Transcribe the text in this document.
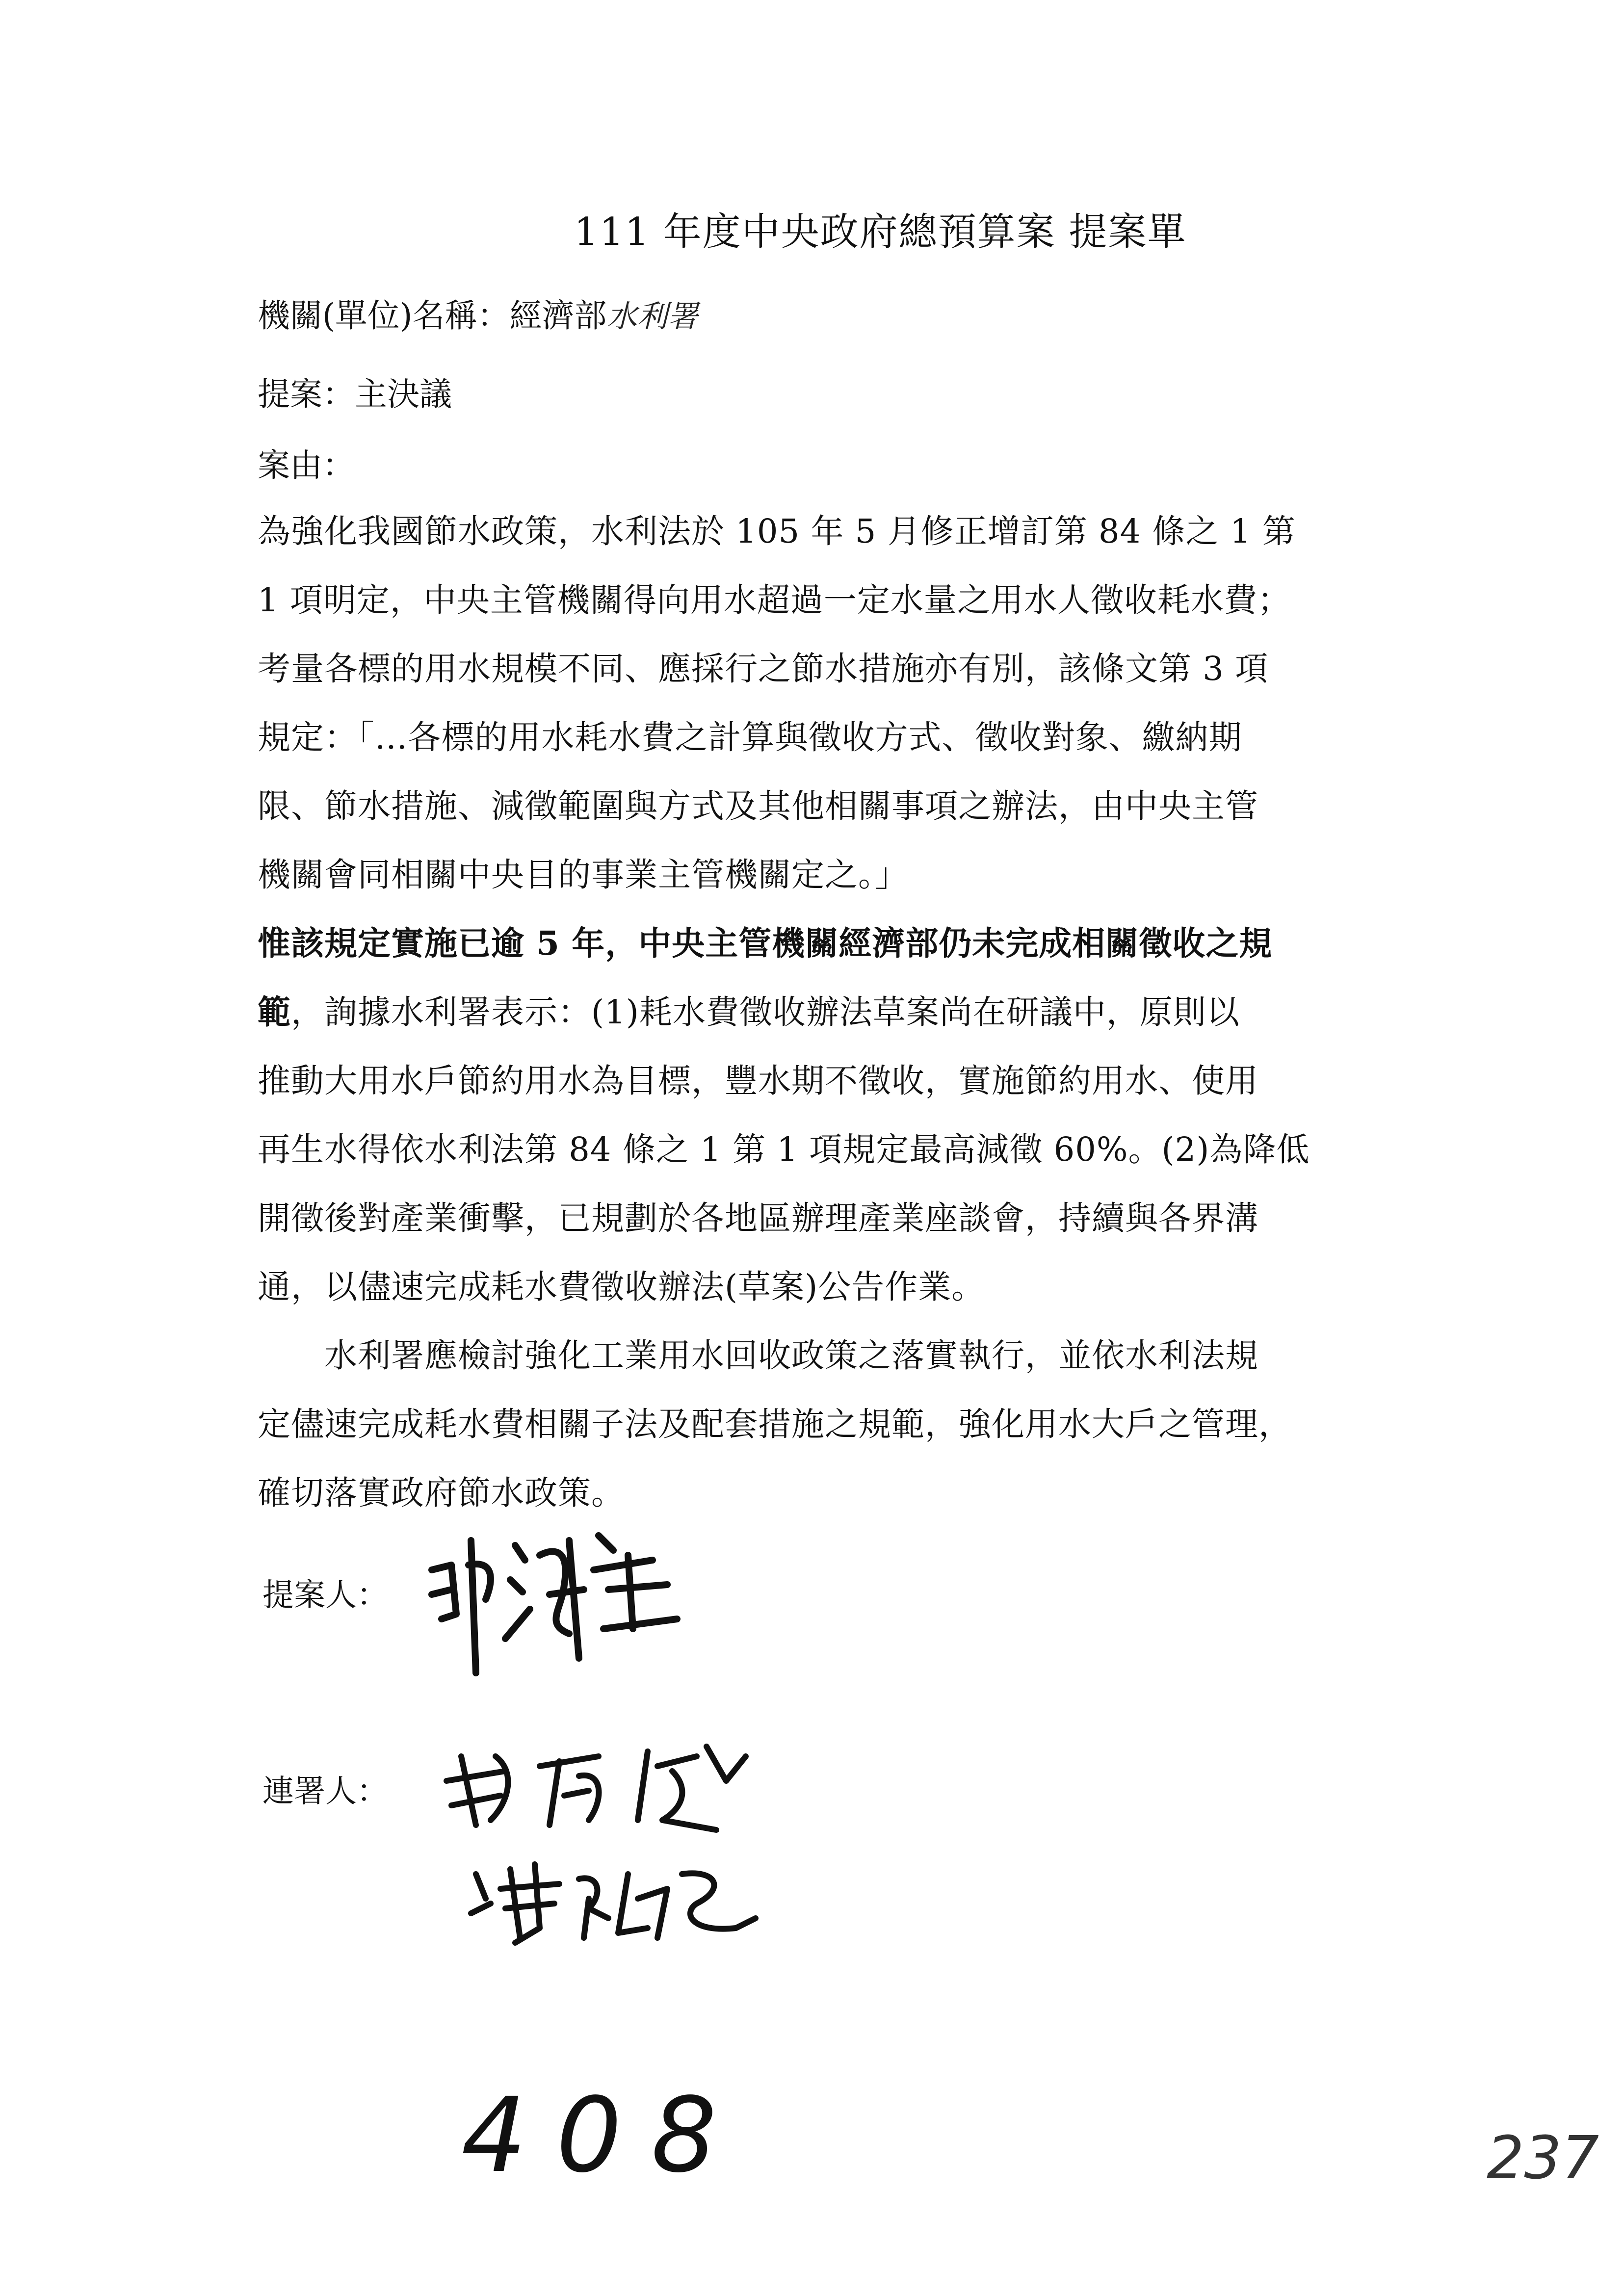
111 年度中央政府總預算案 提案單
機關(單位)名稱：經濟部水利署
提案：主決議
案由：
為強化我國節水政策，水利法於 105 年 5 月修正增訂第 84 條之 1 第
1 項明定，中央主管機關得向用水超過一定水量之用水人徵收耗水費；
考量各標的用水規模不同、應採行之節水措施亦有別，該條文第 3 項
規定：「…各標的用水耗水費之計算與徵收方式、徵收對象、繳納期
限、節水措施、減徵範圍與方式及其他相關事項之辦法，由中央主管
機關會同相關中央目的事業主管機關定之。」
惟該規定實施已逾 5 年，中央主管機關經濟部仍未完成相關徵收之規
範，詢據水利署表示：(1)耗水費徵收辦法草案尚在研議中，原則以
推動大用水戶節約用水為目標，豐水期不徵收，實施節約用水、使用
再生水得依水利法第 84 條之 1 第 1 項規定最高減徵 60%。(2)為降低
開徵後對產業衝擊，已規劃於各地區辦理產業座談會，持續與各界溝
通，以儘速完成耗水費徵收辦法(草案)公告作業。
　　水利署應檢討強化工業用水回收政策之落實執行，並依水利法規
定儘速完成耗水費相關子法及配套措施之規範，強化用水大戶之管理，
確切落實政府節水政策。
提案人：
連署人：
408	237
